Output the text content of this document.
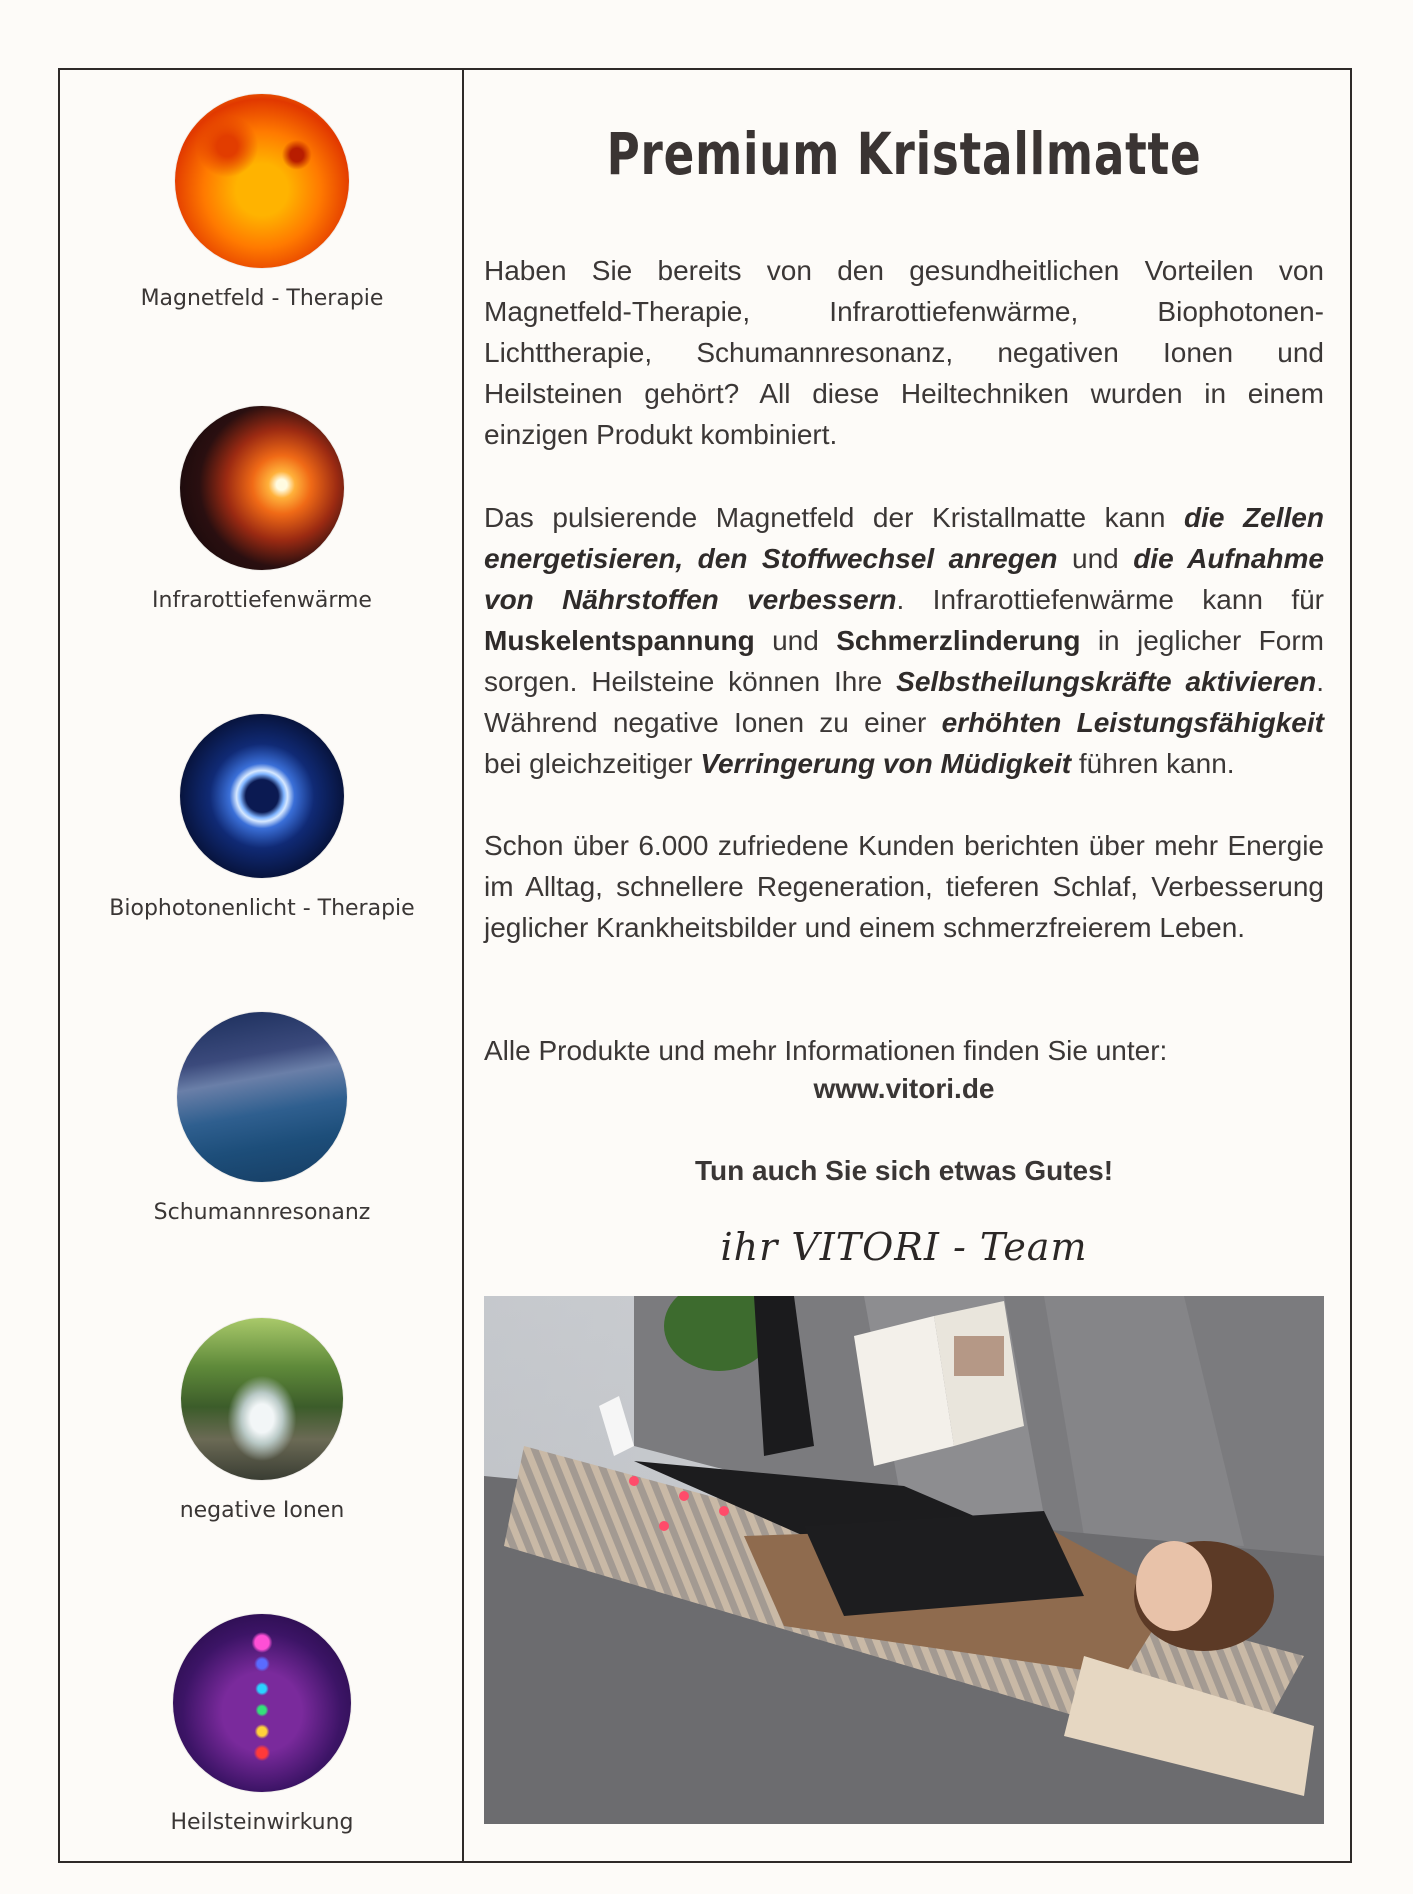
Magnetfeld - Therapie
Infrarottiefenwärme
Biophotonenlicht - Therapie
Schumannresonanz
negative Ionen
Heilsteinwirkung
Premium Kristallmatte

Haben Sie bereits von den gesundheitlichen Vorteilen von Magnetfeld-Therapie, Infrarottiefenwärme, Biophotonen-Lichttherapie, Schumannresonanz, negativen Ionen und Heilsteinen gehört? All diese Heiltechniken wurden in einem einzigen Produkt kombiniert.

Das pulsierende Magnetfeld der Kristallmatte kann die Zellen energetisieren, den Stoffwechsel anregen und die Aufnahme von Nährstoffen verbessern. Infrarottiefenwärme kann für Muskelentspannung und Schmerzlinderung in jeglicher Form sorgen. Heilsteine können Ihre Selbstheilungskräfte aktivieren. Während negative Ionen zu einer erhöhten Leistungsfähigkeit bei gleichzeitiger Verringerung von Müdigkeit führen kann.

Schon über 6.000 zufriedene Kunden berichten über mehr Energie im Alltag, schnellere Regeneration, tieferen Schlaf, Verbesserung jeglicher Krankheitsbilder und einem schmerzfreierem Leben.

Alle Produkte und mehr Informationen finden Sie unter:

www.vitori.de
Tun auch Sie sich etwas Gutes!
ihr VITORI - Team
